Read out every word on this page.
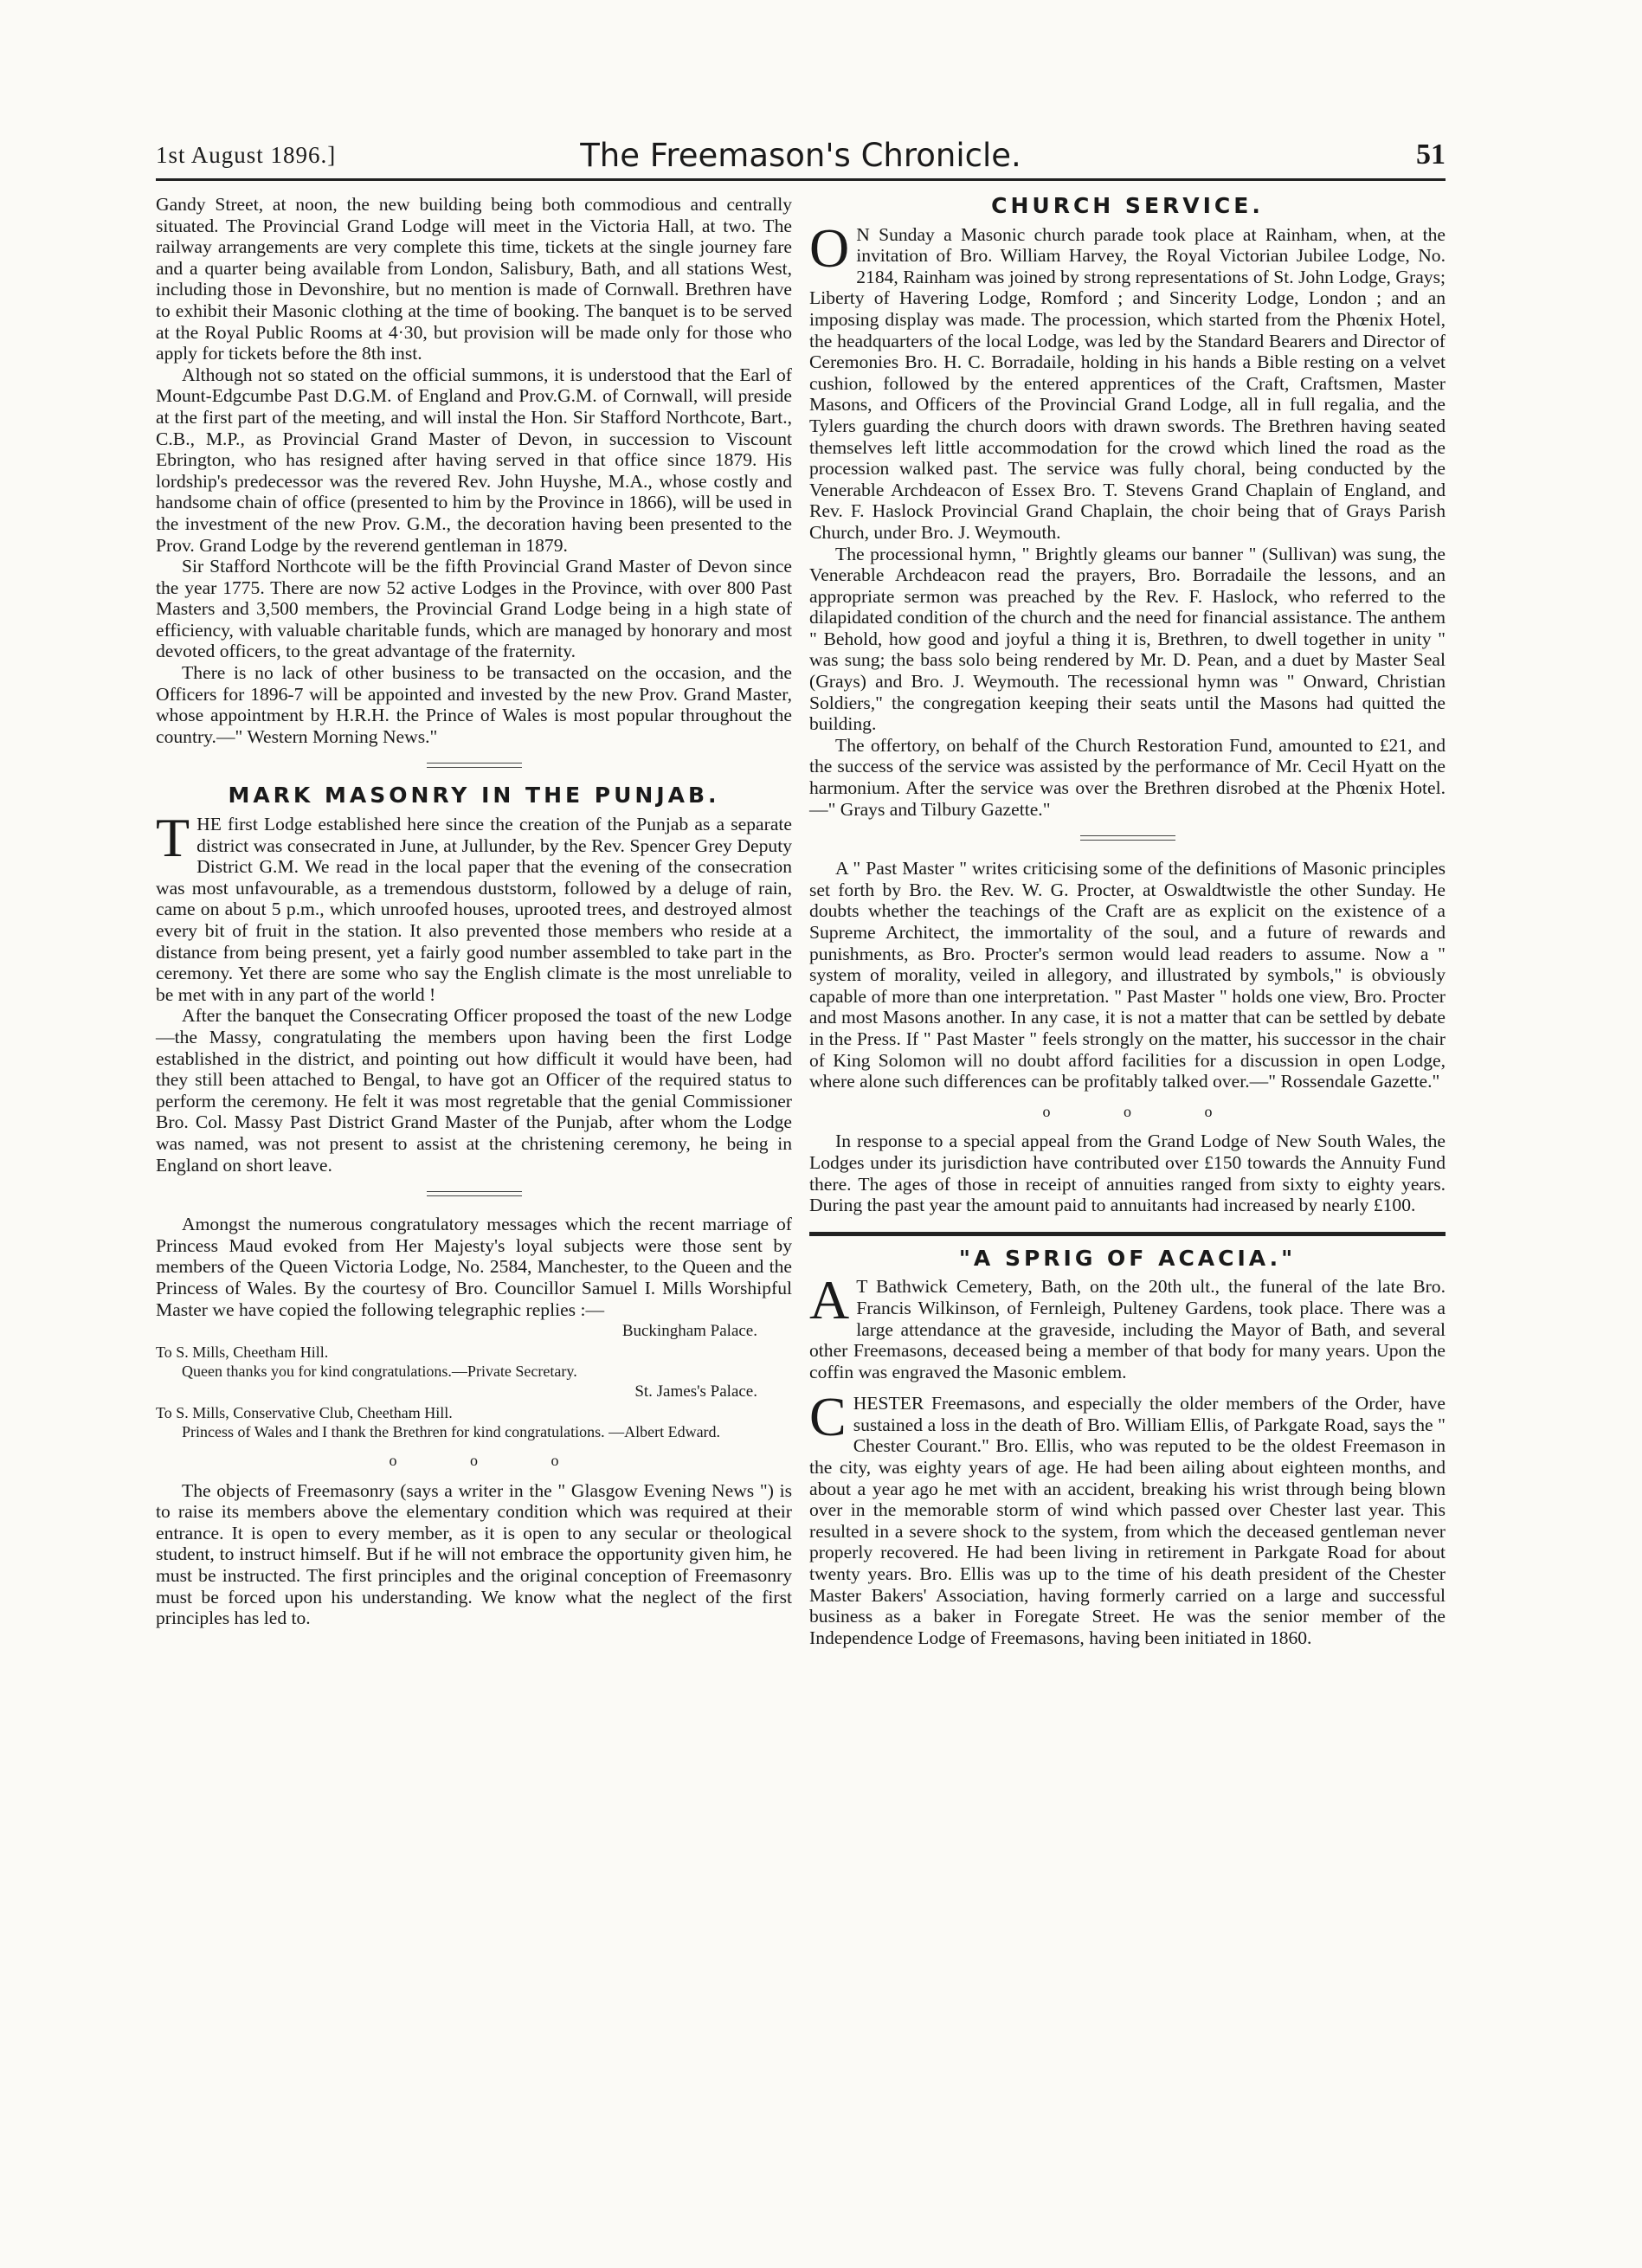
1st August 1896.]	The Freemason's Chronicle.	51

Gandy Street, at noon, the new building being both commodious and centrally situated. The Provincial Grand Lodge will meet in the Victoria Hall, at two. The railway arrangements are very complete this time, tickets at the single journey fare and a quarter being available from London, Salisbury, Bath, and all stations West, including those in Devonshire, but no mention is made of Cornwall. Brethren have to exhibit their Masonic clothing at the time of booking. The banquet is to be served at the Royal Public Rooms at 4·30, but provision will be made only for those who apply for tickets before the 8th inst.

Although not so stated on the official summons, it is understood that the Earl of Mount-Edgcumbe Past D.G.M. of England and Prov.G.M. of Cornwall, will preside at the first part of the meeting, and will instal the Hon. Sir Stafford Northcote, Bart., C.B., M.P., as Provincial Grand Master of Devon, in succession to Viscount Ebrington, who has resigned after having served in that office since 1879. His lordship's predecessor was the revered Rev. John Huyshe, M.A., whose costly and handsome chain of office (presented to him by the Province in 1866), will be used in the investment of the new Prov. G.M., the decoration having been presented to the Prov. Grand Lodge by the reverend gentleman in 1879.

Sir Stafford Northcote will be the fifth Provincial Grand Master of Devon since the year 1775. There are now 52 active Lodges in the Province, with over 800 Past Masters and 3,500 members, the Provincial Grand Lodge being in a high state of efficiency, with valuable charitable funds, which are managed by honorary and most devoted officers, to the great advantage of the fraternity.

There is no lack of other business to be transacted on the occasion, and the Officers for 1896-7 will be appointed and invested by the new Prov. Grand Master, whose appointment by H.R.H. the Prince of Wales is most popular throughout the country.—" Western Morning News."

MARK MASONRY IN THE PUNJAB.

THE first Lodge established here since the creation of the Punjab as a separate district was consecrated in June, at Jullunder, by the Rev. Spencer Grey Deputy District G.M. We read in the local paper that the evening of the consecration was most unfavourable, as a tremendous duststorm, followed by a deluge of rain, came on about 5 p.m., which unroofed houses, uprooted trees, and destroyed almost every bit of fruit in the station. It also prevented those members who reside at a distance from being present, yet a fairly good number assembled to take part in the ceremony. Yet there are some who say the English climate is the most unreliable to be met with in any part of the world !

After the banquet the Consecrating Officer proposed the toast of the new Lodge—the Massy, congratulating the members upon having been the first Lodge established in the district, and pointing out how difficult it would have been, had they still been attached to Bengal, to have got an Officer of the required status to perform the ceremony. He felt it was most regretable that the genial Commissioner Bro. Col. Massy Past District Grand Master of the Punjab, after whom the Lodge was named, was not present to assist at the christening ceremony, he being in England on short leave.

Amongst the numerous congratulatory messages which the recent marriage of Princess Maud evoked from Her Majesty's loyal subjects were those sent by members of the Queen Victoria Lodge, No. 2584, Manchester, to the Queen and the Princess of Wales. By the courtesy of Bro. Councillor Samuel I. Mills Worshipful Master we have copied the following telegraphic replies :—

Buckingham Palace.

To S. Mills, Cheetham Hill.

Queen thanks you for kind congratulations.—Private Secretary.

St. James's Palace.

To S. Mills, Conservative Club, Cheetham Hill.

Princess of Wales and I thank the Brethren for kind congratulations. —Albert Edward.

o o o

The objects of Freemasonry (says a writer in the " Glasgow Evening News ") is to raise its members above the elementary condition which was required at their entrance. It is open to every member, as it is open to any secular or theological student, to instruct himself. But if he will not embrace the opportunity given him, he must be instructed. The first principles and the original conception of Freemasonry must be forced upon his understanding. We know what the neglect of the first principles has led to.

CHURCH SERVICE.

ON Sunday a Masonic church parade took place at Rainham, when, at the invitation of Bro. William Harvey, the Royal Victorian Jubilee Lodge, No. 2184, Rainham was joined by strong representations of St. John Lodge, Grays; Liberty of Havering Lodge, Romford ; and Sincerity Lodge, London ; and an imposing display was made. The procession, which started from the Phœnix Hotel, the headquarters of the local Lodge, was led by the Standard Bearers and Director of Ceremonies Bro. H. C. Borradaile, holding in his hands a Bible resting on a velvet cushion, followed by the entered apprentices of the Craft, Craftsmen, Master Masons, and Officers of the Provincial Grand Lodge, all in full regalia, and the Tylers guarding the church doors with drawn swords. The Brethren having seated themselves left little accommodation for the crowd which lined the road as the procession walked past. The service was fully choral, being conducted by the Venerable Archdeacon of Essex Bro. T. Stevens Grand Chaplain of England, and Rev. F. Haslock Provincial Grand Chaplain, the choir being that of Grays Parish Church, under Bro. J. Weymouth.

The processional hymn, " Brightly gleams our banner " (Sullivan) was sung, the Venerable Archdeacon read the prayers, Bro. Borradaile the lessons, and an appropriate sermon was preached by the Rev. F. Haslock, who referred to the dilapidated condition of the church and the need for financial assistance. The anthem " Behold, how good and joyful a thing it is, Brethren, to dwell together in unity " was sung; the bass solo being rendered by Mr. D. Pean, and a duet by Master Seal (Grays) and Bro. J. Weymouth. The recessional hymn was " Onward, Christian Soldiers," the congregation keeping their seats until the Masons had quitted the building.

The offertory, on behalf of the Church Restoration Fund, amounted to £21, and the success of the service was assisted by the performance of Mr. Cecil Hyatt on the harmonium. After the service was over the Brethren disrobed at the Phœnix Hotel. —" Grays and Tilbury Gazette."

A " Past Master " writes criticising some of the definitions of Masonic principles set forth by Bro. the Rev. W. G. Procter, at Oswaldtwistle the other Sunday. He doubts whether the teachings of the Craft are as explicit on the existence of a Supreme Architect, the immortality of the soul, and a future of rewards and punishments, as Bro. Procter's sermon would lead readers to assume. Now a " system of morality, veiled in allegory, and illustrated by symbols," is obviously capable of more than one interpretation. " Past Master " holds one view, Bro. Procter and most Masons another. In any case, it is not a matter that can be settled by debate in the Press. If " Past Master " feels strongly on the matter, his successor in the chair of King Solomon will no doubt afford facilities for a discussion in open Lodge, where alone such differences can be profitably talked over.—" Rossendale Gazette."

o o o

In response to a special appeal from the Grand Lodge of New South Wales, the Lodges under its jurisdiction have contributed over £150 towards the Annuity Fund there. The ages of those in receipt of annuities ranged from sixty to eighty years. During the past year the amount paid to annuitants had increased by nearly £100.

"A SPRIG OF ACACIA."

AT Bathwick Cemetery, Bath, on the 20th ult., the funeral of the late Bro. Francis Wilkinson, of Fernleigh, Pulteney Gardens, took place. There was a large attendance at the graveside, including the Mayor of Bath, and several other Freemasons, deceased being a member of that body for many years. Upon the coffin was engraved the Masonic emblem.

CHESTER Freemasons, and especially the older members of the Order, have sustained a loss in the death of Bro. William Ellis, of Parkgate Road, says the " Chester Courant." Bro. Ellis, who was reputed to be the oldest Freemason in the city, was eighty years of age. He had been ailing about eighteen months, and about a year ago he met with an accident, breaking his wrist through being blown over in the memorable storm of wind which passed over Chester last year. This resulted in a severe shock to the system, from which the deceased gentleman never properly recovered. He had been living in retirement in Parkgate Road for about twenty years. Bro. Ellis was up to the time of his death president of the Chester Master Bakers' Association, having formerly carried on a large and successful business as a baker in Foregate Street. He was the senior member of the Independence Lodge of Freemasons, having been initiated in 1860.
